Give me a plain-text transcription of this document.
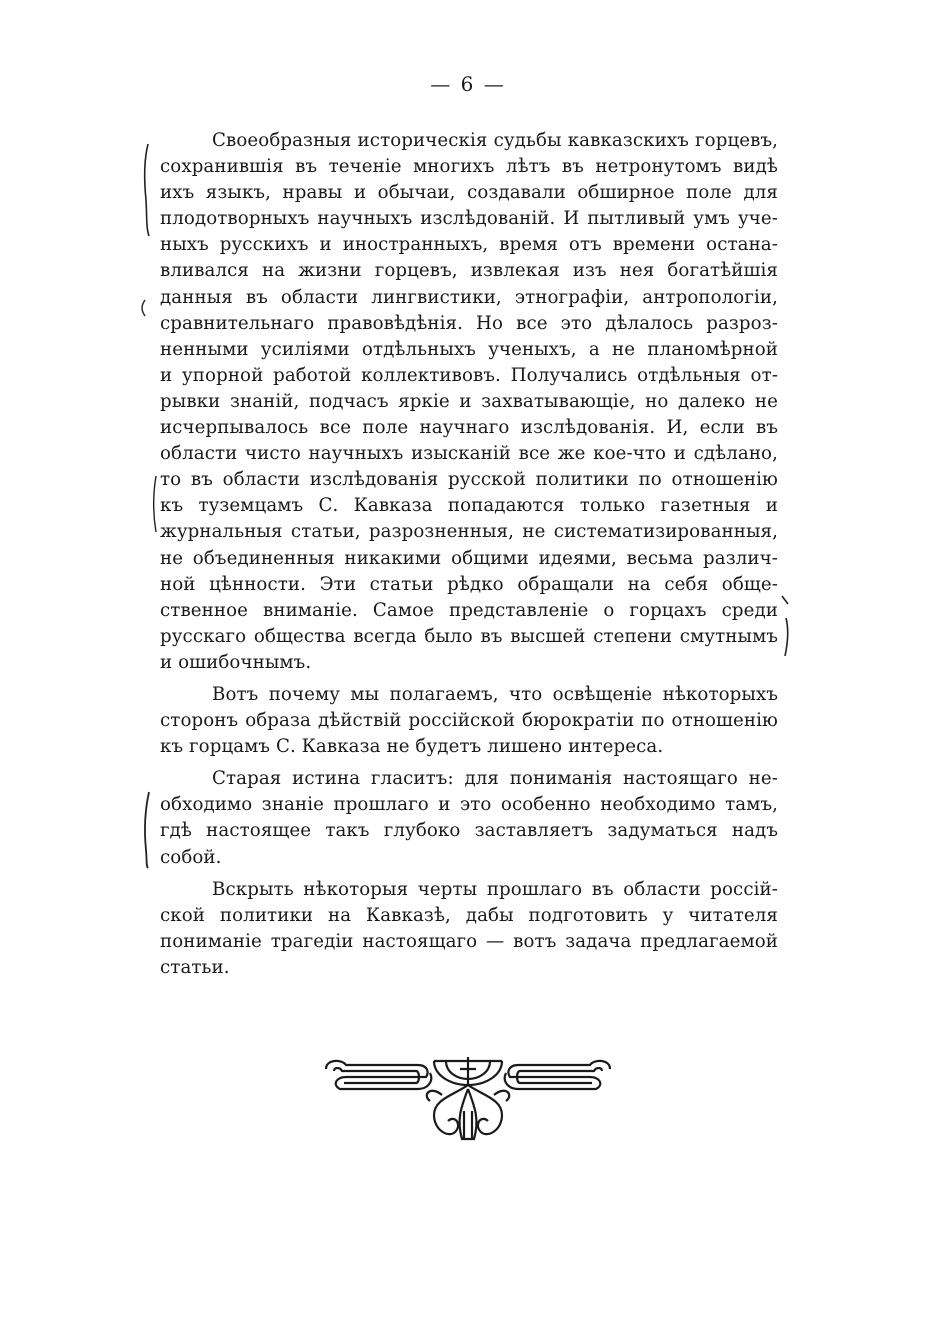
— 6 —
Своеобразныя историческія судьбы кавказскихъ горцевъ,
сохранившія въ теченіе многихъ лѣтъ въ нетронутомъ видѣ
ихъ языкъ, нравы и обычаи, создавали обширное поле для
плодотворныхъ научныхъ изслѣдованій. И пытливый умъ уче-
ныхъ русскихъ и иностранныхъ, время отъ времени остана-
вливался на жизни горцевъ, извлекая изъ нея богатѣйшія
данныя въ области лингвистики, этнографіи, антропологіи,
сравнительнаго правовѣдѣнія. Но все это дѣлалось разроз-
ненными усиліями отдѣльныхъ ученыхъ, а не планомѣрной
и упорной работой коллективовъ. Получались отдѣльныя от-
рывки знаній, подчасъ яркіе и захватывающіе, но далеко не
исчерпывалось все поле научнаго изслѣдованія. И, если въ
области чисто научныхъ изысканій все же кое-что и сдѣлано,
то въ области изслѣдованія русской политики по отношенію
къ туземцамъ С. Кавказа попадаются только газетныя и
журнальныя статьи, разрозненныя, не систематизированныя,
не объединенныя никакими общими идеями, весьма различ-
ной цѣнности. Эти статьи рѣдко обращали на себя обще-
ственное вниманіе. Самое представленіе о горцахъ среди
русскаго общества всегда было въ высшей степени смутнымъ
и ошибочнымъ.
Вотъ почему мы полагаемъ, что освѣщеніе нѣкоторыхъ
сторонъ образа дѣйствій россійской бюрократіи по отношенію
къ горцамъ С. Кавказа не будетъ лишено интереса.
Старая истина гласитъ: для пониманія настоящаго не-
обходимо знаніе прошлаго и это особенно необходимо тамъ,
гдѣ настоящее такъ глубоко заставляетъ задуматься надъ
собой.
Вскрыть нѣкоторыя черты прошлаго въ области россій-
ской политики на Кавказѣ, дабы подготовить у читателя
пониманіе трагедіи настоящаго — вотъ задача предлагаемой
статьи.
